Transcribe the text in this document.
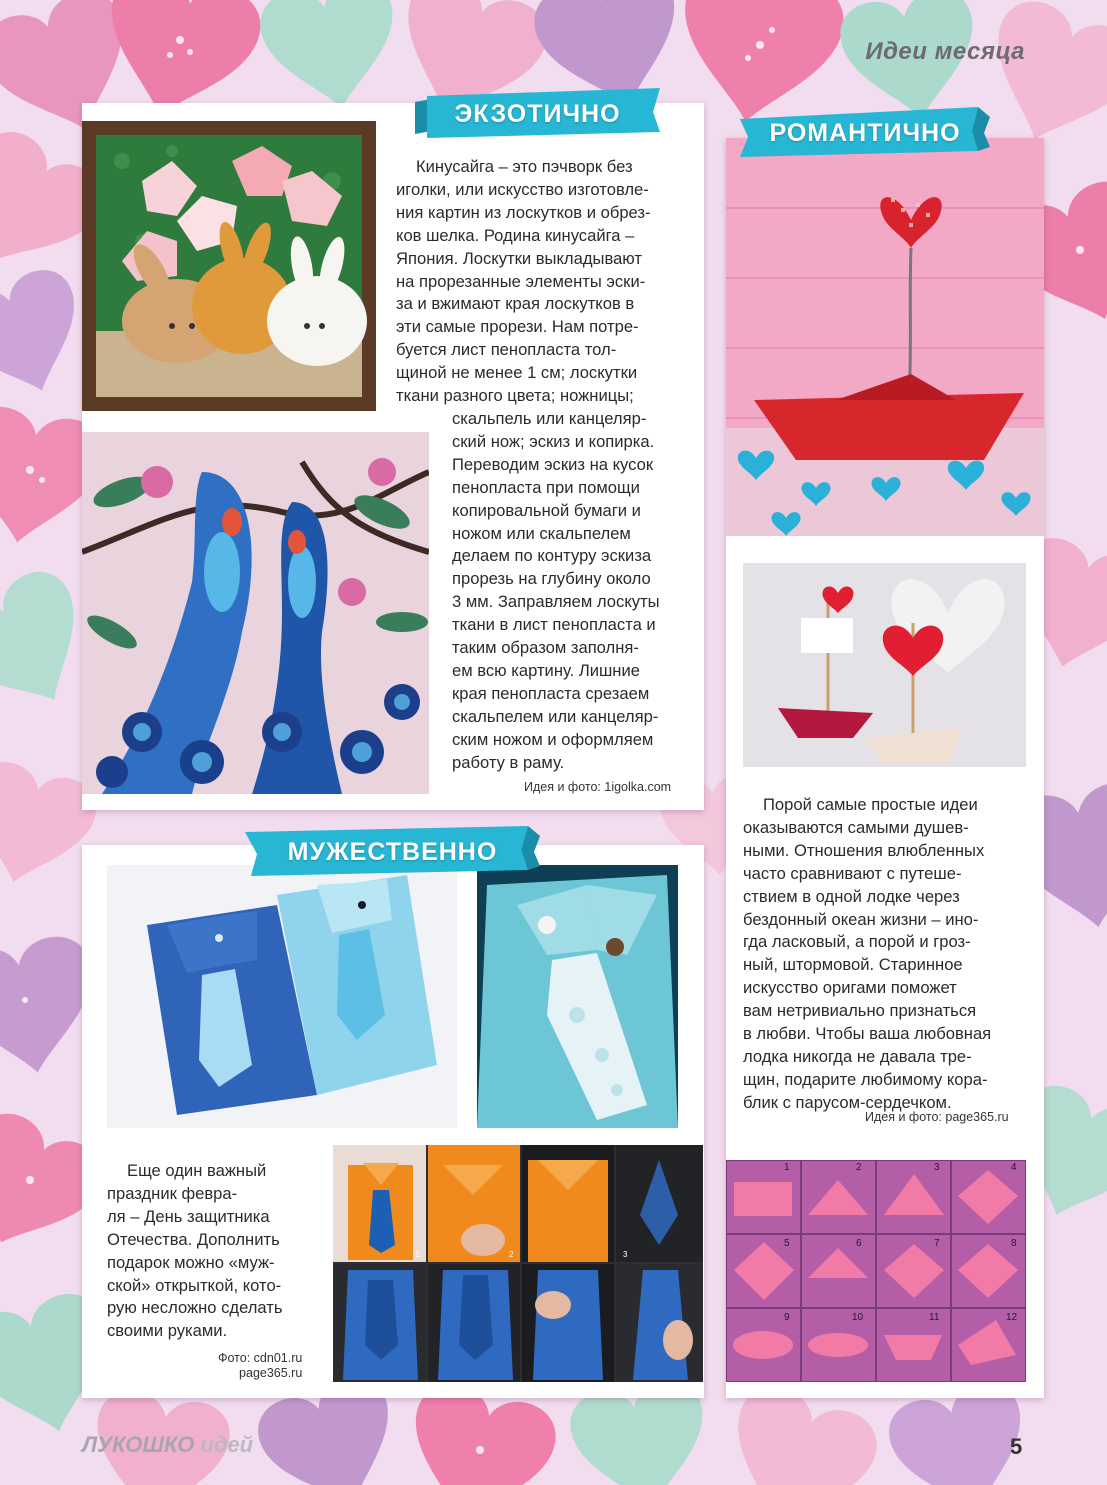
Идеи месяца
ЭКЗОТИЧНО

Кинусайга – это пэчворк без
иголки, или искусство изготовле-
ния картин из лоскутков и обрез-
ков шелка. Родина кинусайга –
Япония. Лоскутки выкладывают
на прорезанные элементы эски-
за и вжимают края лоскутков в
эти самые прорези. Нам потре-
буется лист пенопласта тол-
щиной не менее 1 см; лоскутки
ткани разного цвета; ножницы;

скальпель или канцеляр-
ский нож; эскиз и копирка.
Переводим эскиз на кусок
пенопласта при помощи
копировальной бумаги и
ножом или скальпелем
делаем по контуру эскиза
прорезь на глубину около
3 мм. Заправляем лоскуты
ткани в лист пенопласта и
таким образом заполня-
ем всю картину. Лишние
края пенопласта срезаем
скальпелем или канцеляр-
ским ножом и оформляем
работу в раму.

Идея и фото: 1igolka.com
РОМАНТИЧНО

Порой самые простые идеи
оказываются самыми душев-
ными. Отношения влюбленных
часто сравнивают с путеше-
ствием в одной лодке через
бездонный океан жизни – ино-
гда ласковый, а порой и гроз-
ный, штормовой. Старинное
искусство оригами поможет
вам нетривиально признаться
в любви. Чтобы ваша любовная
лодка никогда не давала тре-
щин, подарите любимому кора-
блик с парусом-сердечком.

Идея и фото: page365.ru
1	2	3	4
5	6	7	8
9	10	11	12
МУЖЕСТВЕННО

Еще один важный
праздник февра-
ля – День защитника
Отечества. Дополнить
подарок можно «муж-
ской» открыткой, кото-
рую несложно сделать
своими руками.

Фото: cdn01.ru
page365.ru
1	2	3
ЛУКОШКО идей	5
